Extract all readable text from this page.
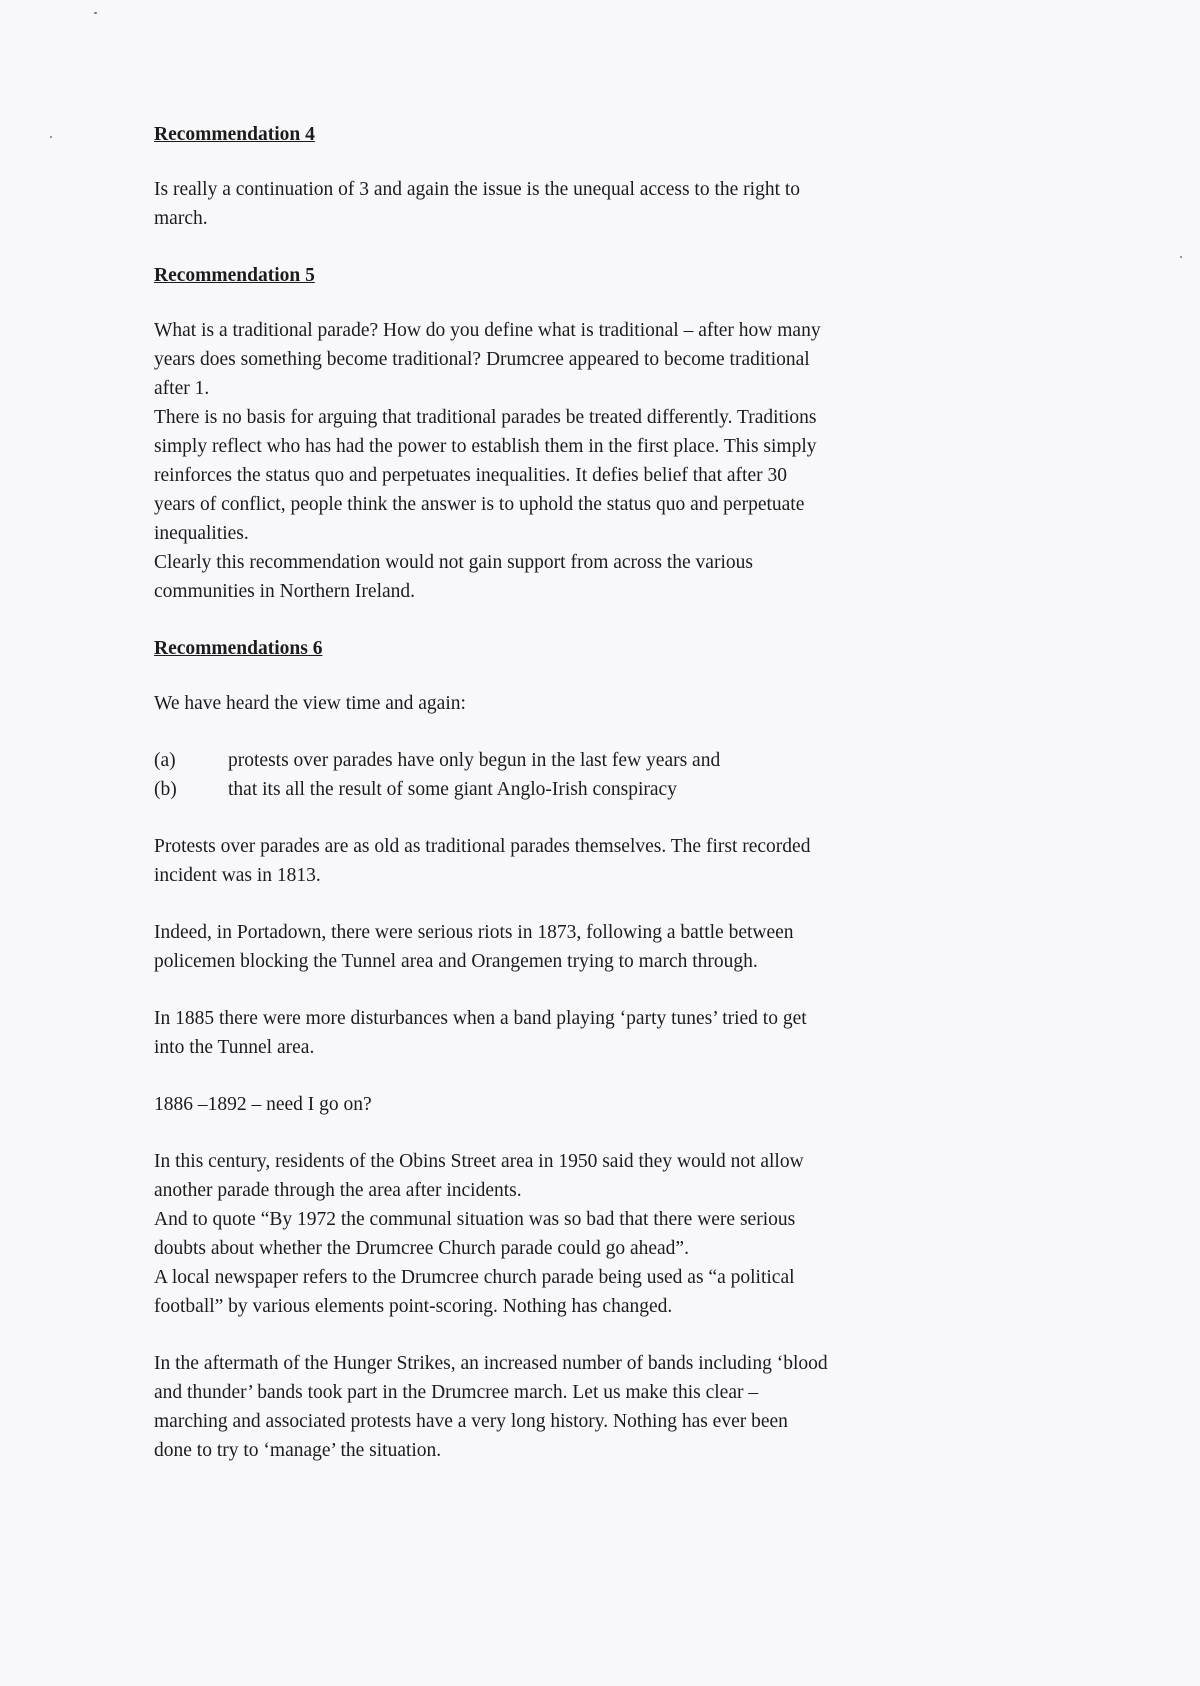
Recommendation 4

Is really a continuation of 3 and again the issue is the unequal access to the right to
march.

Recommendation 5

What is a traditional parade? How do you define what is traditional – after how many
years does something become traditional? Drumcree appeared to become traditional
after 1.
There is no basis for arguing that traditional parades be treated differently. Traditions
simply reflect who has had the power to establish them in the first place. This simply
reinforces the status quo and perpetuates inequalities. It defies belief that after 30
years of conflict, people think the answer is to uphold the status quo and perpetuate
inequalities.
Clearly this recommendation would not gain support from across the various
communities in Northern Ireland.

Recommendations 6

We have heard the view time and again:

(a)	protests over parades have only begun in the last few years and
(b)	that its all the result of some giant Anglo-Irish conspiracy

Protests over parades are as old as traditional parades themselves. The first recorded
incident was in 1813.

Indeed, in Portadown, there were serious riots in 1873, following a battle between
policemen blocking the Tunnel area and Orangemen trying to march through.

In 1885 there were more disturbances when a band playing ‘party tunes’ tried to get
into the Tunnel area.

1886 –1892 – need I go on?

In this century, residents of the Obins Street area in 1950 said they would not allow
another parade through the area after incidents.
And to quote “By 1972 the communal situation was so bad that there were serious
doubts about whether the Drumcree Church parade could go ahead”.
A local newspaper refers to the Drumcree church parade being used as “a political
football” by various elements point-scoring. Nothing has changed.

In the aftermath of the Hunger Strikes, an increased number of bands including ‘blood
and thunder’ bands took part in the Drumcree march. Let us make this clear –
marching and associated protests have a very long history. Nothing has ever been
done to try to ‘manage’ the situation.
